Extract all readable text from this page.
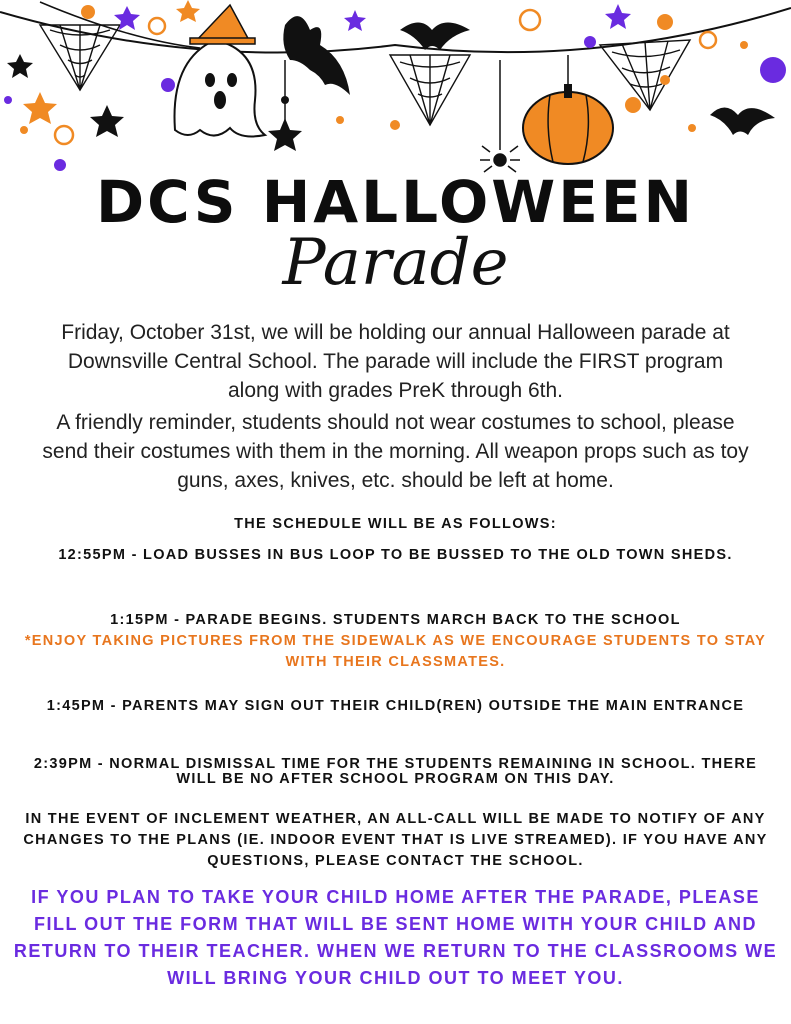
DCS HALLOWEEN
Parade

Friday, October 31st, we will be holding our annual Halloween parade at Downsville Central School. The parade will include the FIRST program along with grades PreK through 6th.

A friendly reminder, students should not wear costumes to school, please send their costumes with them in the morning. All weapon props such as toy guns, axes, knives, etc. should be left at home.

THE SCHEDULE WILL BE AS FOLLOWS:

12:55PM - LOAD BUSSES IN BUS LOOP TO BE BUSSED TO THE OLD TOWN SHEDS.

1:15PM - PARADE BEGINS. STUDENTS MARCH BACK TO THE SCHOOL

*ENJOY TAKING PICTURES FROM THE SIDEWALK AS WE ENCOURAGE STUDENTS TO STAY WITH THEIR CLASSMATES.

1:45PM - PARENTS MAY SIGN OUT THEIR CHILD(REN) OUTSIDE THE MAIN ENTRANCE

2:39PM - NORMAL DISMISSAL TIME FOR THE STUDENTS REMAINING IN SCHOOL. THERE WILL BE NO AFTER SCHOOL PROGRAM ON THIS DAY.

IN THE EVENT OF INCLEMENT WEATHER, AN ALL-CALL WILL BE MADE TO NOTIFY OF ANY CHANGES TO THE PLANS (IE. INDOOR EVENT THAT IS LIVE STREAMED). IF YOU HAVE ANY QUESTIONS, PLEASE CONTACT THE SCHOOL.

IF YOU PLAN TO TAKE YOUR CHILD HOME AFTER THE PARADE, PLEASE FILL OUT THE FORM THAT WILL BE SENT HOME WITH YOUR CHILD AND RETURN TO THEIR TEACHER. WHEN WE RETURN TO THE CLASSROOMS WE WILL BRING YOUR CHILD OUT TO MEET YOU.
